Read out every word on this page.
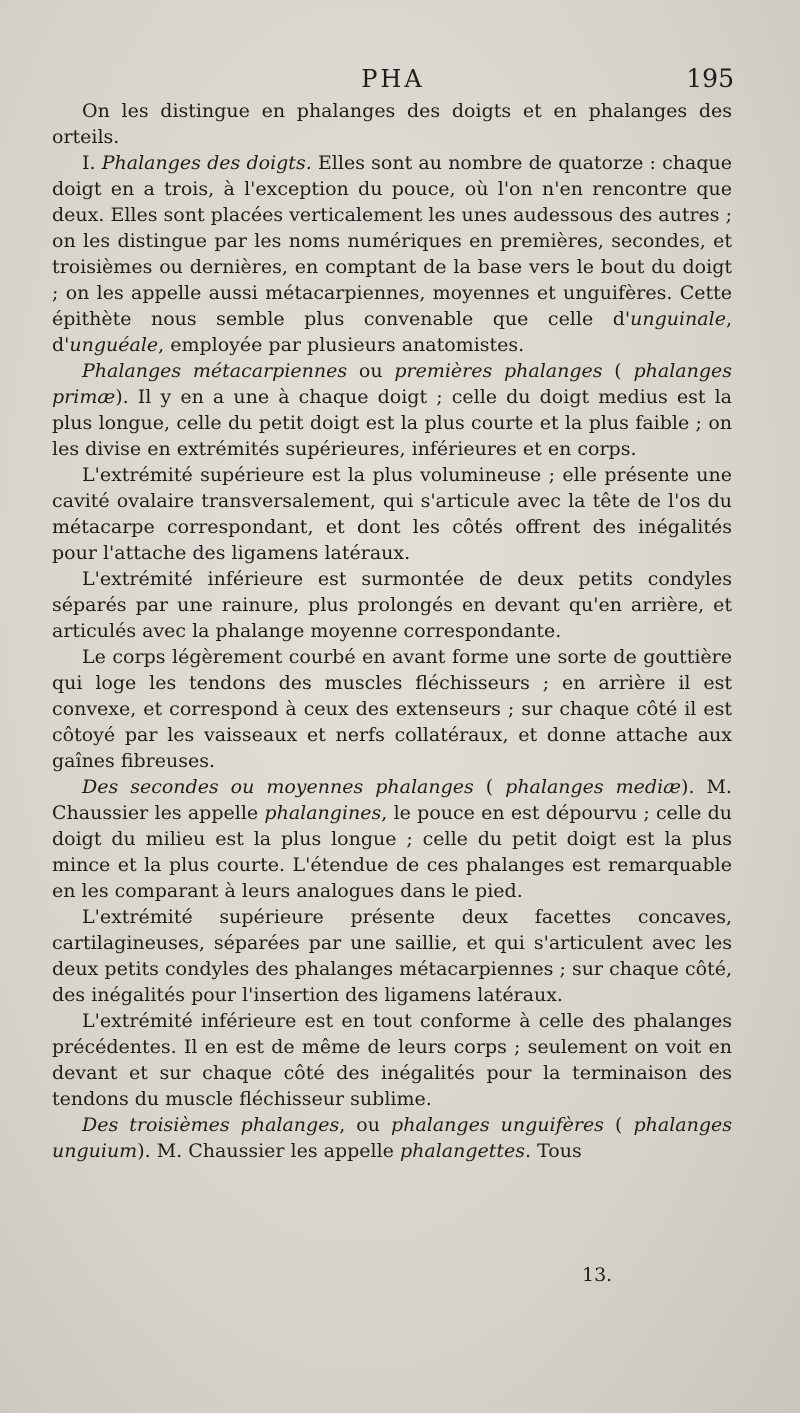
PHA	195

On les distingue en phalanges des doigts et en phalanges des orteils.

I. Phalanges des doigts. Elles sont au nombre de quatorze : chaque doigt en a trois, à l'exception du pouce, où l'on n'en rencontre que deux. Elles sont placées verticalement les unes audessous des autres ; on les distingue par les noms numériques en premières, secondes, et troisièmes ou dernières, en comptant de la base vers le bout du doigt ; on les appelle aussi métacarpiennes, moyennes et unguifères. Cette épithète nous semble plus convenable que celle d'unguinale, d'unguéale, employée par plusieurs anatomistes.

Phalanges métacarpiennes ou premières phalanges ( phalanges primæ). Il y en a une à chaque doigt ; celle du doigt medius est la plus longue, celle du petit doigt est la plus courte et la plus faible ; on les divise en extrémités supérieures, inférieures et en corps.

L'extrémité supérieure est la plus volumineuse ; elle présente une cavité ovalaire transversalement, qui s'articule avec la tête de l'os du métacarpe correspondant, et dont les côtés offrent des inégalités pour l'attache des ligamens latéraux.

L'extrémité inférieure est surmontée de deux petits condyles séparés par une rainure, plus prolongés en devant qu'en arrière, et articulés avec la phalange moyenne correspondante.

Le corps légèrement courbé en avant forme une sorte de gouttière qui loge les tendons des muscles fléchisseurs ; en arrière il est convexe, et correspond à ceux des extenseurs ; sur chaque côté il est côtoyé par les vaisseaux et nerfs collatéraux, et donne attache aux gaînes fibreuses.

Des secondes ou moyennes phalanges ( phalanges mediæ). M. Chaussier les appelle phalangines, le pouce en est dépourvu ; celle du doigt du milieu est la plus longue ; celle du petit doigt est la plus mince et la plus courte. L'étendue de ces phalanges est remarquable en les comparant à leurs analogues dans le pied.

L'extrémité supérieure présente deux facettes concaves, cartilagineuses, séparées par une saillie, et qui s'articulent avec les deux petits condyles des phalanges métacarpiennes ; sur chaque côté, des inégalités pour l'insertion des ligamens latéraux.

L'extrémité inférieure est en tout conforme à celle des phalanges précédentes. Il en est de même de leurs corps ; seulement on voit en devant et sur chaque côté des inégalités pour la terminaison des tendons du muscle fléchisseur sublime.

Des troisièmes phalanges, ou phalanges unguifères ( phalanges unguium). M. Chaussier les appelle phalangettes. Tous

13.
